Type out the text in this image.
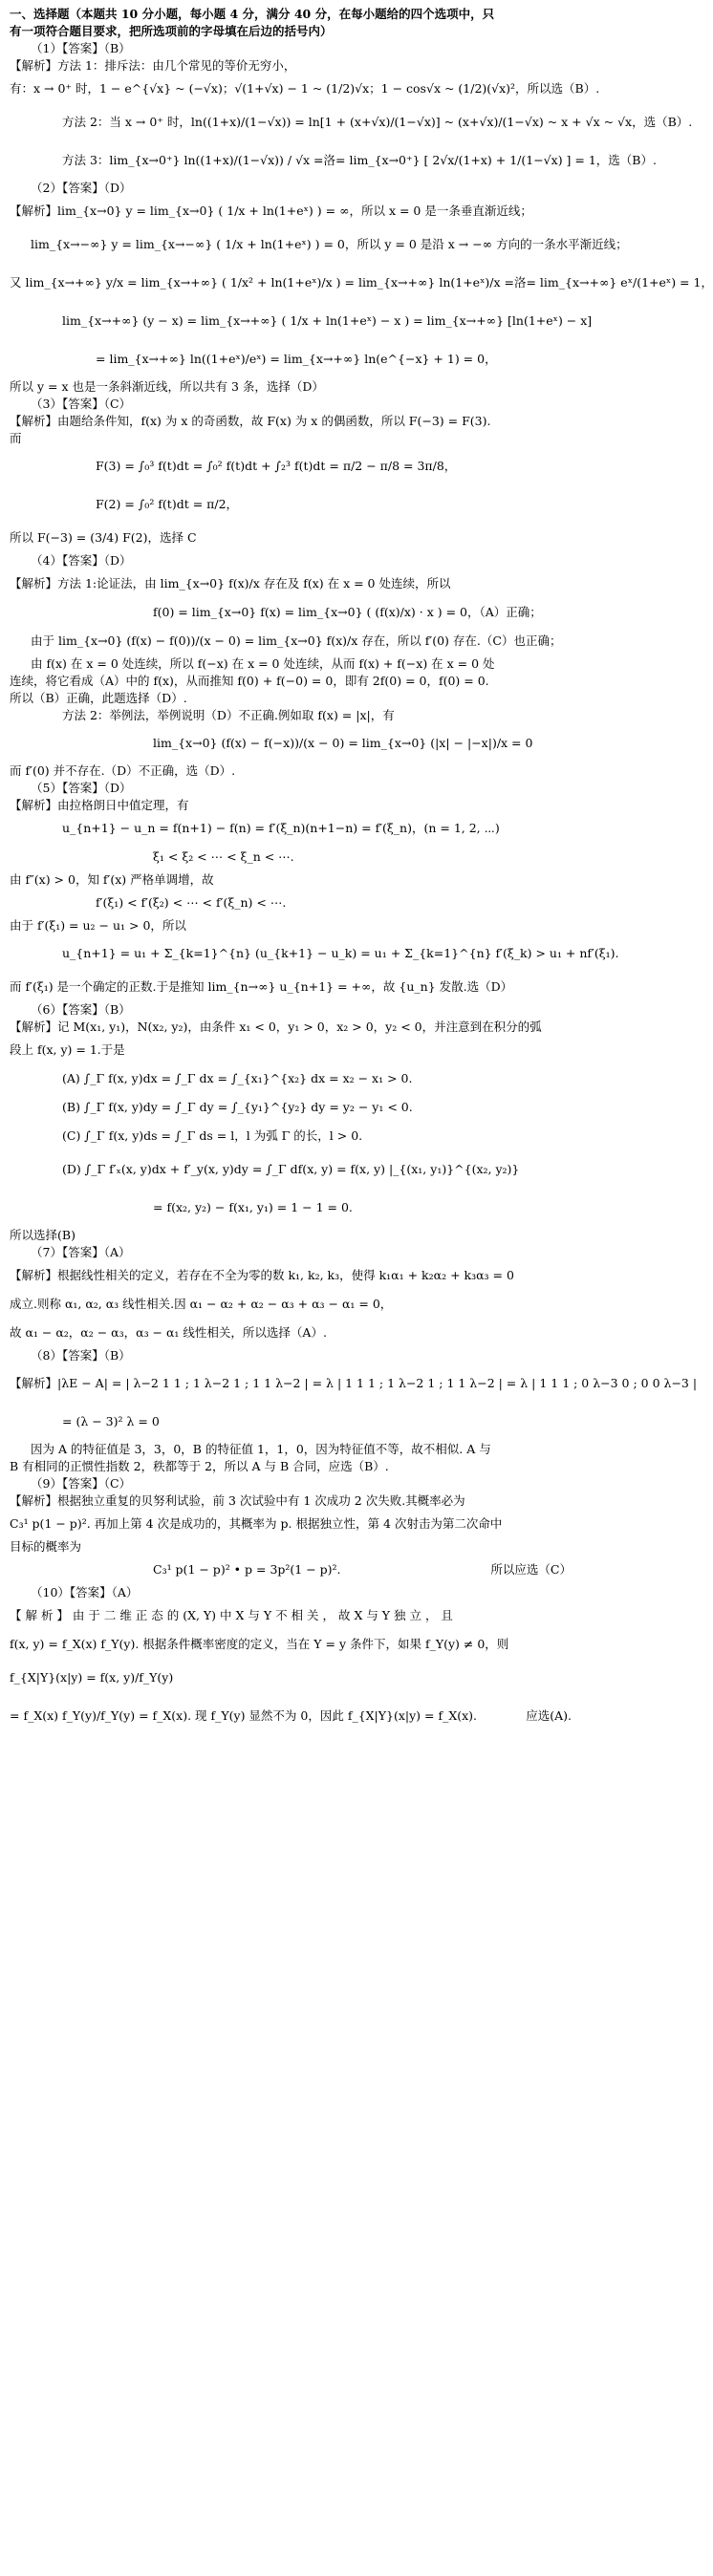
一、选择题（本题共 10 分小题，每小题 4 分，满分 40 分，在每小题给的四个选项中，只
有一项符合题目要求，把所选项前的字母填在后边的括号内）
（1）【答案】（B）
【解析】方法 1：排斥法：由几个常见的等价无穷小，
有：x → 0⁺ 时，1 − e^{√x} ~ (−√x)；√(1+√x) − 1 ~ (1/2)√x；1 − cos√x ~ (1/2)(√x)²，所以选（B）.
方法 2：当 x → 0⁺ 时，ln((1+x)/(1−√x)) = ln[1 + (x+√x)/(1−√x)] ~ (x+√x)/(1−√x) ~ x + √x ~ √x，选（B）.
方法 3：lim_{x→0⁺} ln((1+x)/(1−√x)) / √x =洛= lim_{x→0⁺} [ 2√x/(1+x) + 1/(1−√x) ] = 1，选（B）.
（2）【答案】（D）
【解析】lim_{x→0} y = lim_{x→0} ( 1/x + ln(1+eˣ) ) = ∞，所以 x = 0 是一条垂直渐近线；
lim_{x→−∞} y = lim_{x→−∞} ( 1/x + ln(1+eˣ) ) = 0，所以 y = 0 是沿 x → −∞ 方向的一条水平渐近线；
又 lim_{x→+∞} y/x = lim_{x→+∞} ( 1/x² + ln(1+eˣ)/x ) = lim_{x→+∞} ln(1+eˣ)/x =洛= lim_{x→+∞} eˣ/(1+eˣ) = 1，
lim_{x→+∞} (y − x) = lim_{x→+∞} ( 1/x + ln(1+eˣ) − x ) = lim_{x→+∞} [ln(1+eˣ) − x]
= lim_{x→+∞} ln((1+eˣ)/eˣ) = lim_{x→+∞} ln(e^{−x} + 1) = 0，
所以 y = x 也是一条斜渐近线，所以共有 3 条，选择（D）
（3）【答案】（C）
【解析】由题给条件知，f(x) 为 x 的奇函数，故 F(x) 为 x 的偶函数，所以 F(−3) = F(3).
而
F(3) = ∫₀³ f(t)dt = ∫₀² f(t)dt + ∫₂³ f(t)dt = π/2 − π/8 = 3π/8，
F(2) = ∫₀² f(t)dt = π/2，
所以 F(−3) = (3/4) F(2)，选择 C
（4）【答案】（D）
【解析】方法 1:论证法，由 lim_{x→0} f(x)/x 存在及 f(x) 在 x = 0 处连续，所以
f(0) = lim_{x→0} f(x) = lim_{x→0} ( (f(x)/x) · x ) = 0，（A）正确；
由于 lim_{x→0} (f(x) − f(0))/(x − 0) = lim_{x→0} f(x)/x 存在，所以 f′(0) 存在.（C）也正确；
由 f(x) 在 x = 0 处连续，所以 f(−x) 在 x = 0 处连续，从而 f(x) + f(−x) 在 x = 0 处
连续，将它看成（A）中的 f(x)，从而推知 f(0) + f(−0) = 0，即有 2f(0) = 0，f(0) = 0.
所以（B）正确，此题选择（D）.
方法 2：举例法，举例说明（D）不正确.例如取 f(x) = |x|，有
lim_{x→0} (f(x) − f(−x))/(x − 0) = lim_{x→0} (|x| − |−x|)/x = 0
而 f′(0) 并不存在.（D）不正确，选（D）.
（5）【答案】（D）
【解析】由拉格朗日中值定理，有
u_{n+1} − u_n = f(n+1) − f(n) = f′(ξ_n)(n+1−n) = f′(ξ_n)，(n = 1, 2, ⋯)
ξ₁ < ξ₂ < ⋯ < ξ_n < ⋯.
由 f″(x) > 0，知 f′(x) 严格单调增，故
f′(ξ₁) < f′(ξ₂) < ⋯ < f′(ξ_n) < ⋯.
由于 f′(ξ₁) = u₂ − u₁ > 0，所以
u_{n+1} = u₁ + Σ_{k=1}^{n} (u_{k+1} − u_k) = u₁ + Σ_{k=1}^{n} f′(ξ_k) > u₁ + nf′(ξ₁).
而 f′(ξ₁) 是一个确定的正数.于是推知 lim_{n→∞} u_{n+1} = +∞，故 {u_n} 发散.选（D）
（6）【答案】（B）
【解析】记 M(x₁, y₁)，N(x₂, y₂)，由条件 x₁ < 0，y₁ > 0，x₂ > 0，y₂ < 0，并注意到在积分的弧
段上 f(x, y) = 1.于是
(A) ∫_Γ f(x, y)dx = ∫_Γ dx = ∫_{x₁}^{x₂} dx = x₂ − x₁ > 0.
(B) ∫_Γ f(x, y)dy = ∫_Γ dy = ∫_{y₁}^{y₂} dy = y₂ − y₁ < 0.
(C) ∫_Γ f(x, y)ds = ∫_Γ ds = l，l 为弧 Γ 的长，l > 0.
(D) ∫_Γ f′ₓ(x, y)dx + f′_y(x, y)dy = ∫_Γ df(x, y) = f(x, y) |_{(x₁, y₁)}^{(x₂, y₂)}
= f(x₂, y₂) − f(x₁, y₁) = 1 − 1 = 0.
所以选择(B)
（7）【答案】（A）
【解析】根据线性相关的定义，若存在不全为零的数 k₁, k₂, k₃，使得 k₁α₁ + k₂α₂ + k₃α₃ = 0
成立.则称 α₁, α₂, α₃ 线性相关.因 α₁ − α₂ + α₂ − α₃ + α₃ − α₁ = 0，
故 α₁ − α₂，α₂ − α₃，α₃ − α₁ 线性相关，所以选择（A）.
（8）【答案】（B）
【解析】|λE − A| = | λ−2 1 1 ; 1 λ−2 1 ; 1 1 λ−2 | = λ | 1 1 1 ; 1 λ−2 1 ; 1 1 λ−2 | = λ | 1 1 1 ; 0 λ−3 0 ; 0 0 λ−3 |
= (λ − 3)² λ = 0
因为 A 的特征值是 3，3，0，B 的特征值 1，1，0，因为特征值不等，故不相似. A 与
B 有相同的正惯性指数 2，秩都等于 2，所以 A 与 B 合同，应选（B）.
（9）【答案】（C）
【解析】根据独立重复的贝努利试验，前 3 次试验中有 1 次成功 2 次失败.其概率必为
C₃¹ p(1 − p)². 再加上第 4 次是成功的，其概率为 p. 根据独立性，第 4 次射击为第二次命中
目标的概率为
C₃¹ p(1 − p)² • p = 3p²(1 − p)².	所以应选（C）
（10）【答案】（A）
【 解 析 】 由 于 二 维 正 态 的 (X, Y) 中 X 与 Y 不 相 关 ， 故 X 与 Y 独 立 ， 且
f(x, y) = f_X(x) f_Y(y). 根据条件概率密度的定义，当在 Y = y 条件下，如果 f_Y(y) ≠ 0，则
f_{X|Y}(x|y) = f(x, y)/f_Y(y)
= f_X(x) f_Y(y)/f_Y(y) = f_X(x). 现 f_Y(y) 显然不为 0，因此 f_{X|Y}(x|y) = f_X(x).	应选(A).
